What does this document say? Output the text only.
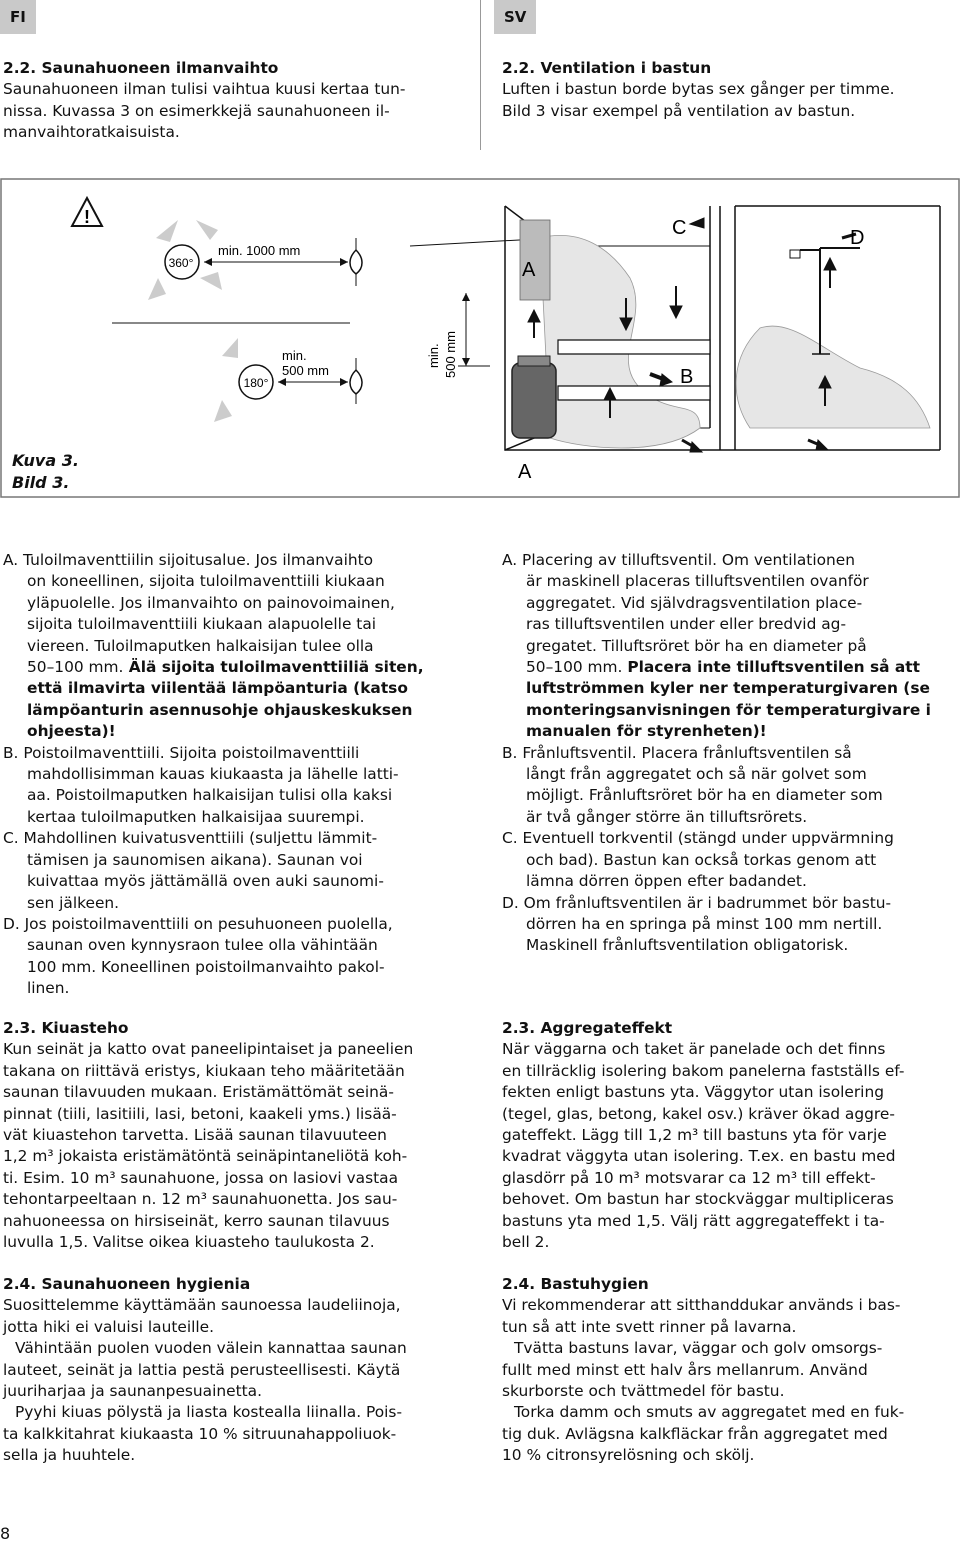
FI	SV

2.2. Saunahuoneen ilmanvaihto

Saunahuoneen ilman tulisi vaihtua kuusi kertaa tun-

nissa. Kuvassa 3 on esimerkkejä saunahuoneen il-

manvaihtoratkaisuista.

2.2. Ventilation i bastun

Luften i bastun borde bytas sex gånger per timme.

Bild 3 visar exempel på ventilation av bastun.

!
360°
min. 1000 mm
180°
min.
500 mm
min. 500 mm
A
A
B
C	D
Kuva 3.
Bild 3.

A. Tuloilmaventtiilin sijoitusalue. Jos ilmanvaihto

on koneellinen, sijoita tuloilmaventtiili kiukaan

yläpuolelle. Jos ilmanvaihto on painovoimainen,

sijoita tuloilmaventtiili kiukaan alapuolelle tai

viereen. Tuloilmaputken halkaisijan tulee olla

50–100 mm. Älä sijoita tuloilmaventtiiliä siten,

että ilmavirta viilentää lämpöanturia (katso

lämpöanturin asennusohje ohjauskeskuksen

ohjeesta)!

B. Poistoilmaventtiili. Sijoita poistoilmaventtiili

mahdollisimman kauas kiukaasta ja lähelle latti-

aa. Poistoilmaputken halkaisijan tulisi olla kaksi

kertaa tuloilmaputken halkaisijaa suurempi.

C. Mahdollinen kuivatusventtiili (suljettu lämmit-

tämisen ja saunomisen aikana). Saunan voi

kuivattaa myös jättämällä oven auki saunomi-

sen jälkeen.

D. Jos poistoilmaventtiili on pesuhuoneen puolella,

saunan oven kynnysraon tulee olla vähintään

100 mm. Koneellinen poistoilmanvaihto pakol-

linen.

A. Placering av tilluftsventil. Om ventilationen

är maskinell placeras tilluftsventilen ovanför

aggregatet. Vid självdragsventilation place-

ras tilluftsventilen under eller bredvid ag-

gregatet. Tilluftsröret bör ha en diameter på

50–100 mm. Placera inte tilluftsventilen så att

luftströmmen kyler ner temperaturgivaren (se

monteringsanvisningen för temperaturgivare i

manualen för styrenheten)!

B. Frånluftsventil. Placera frånluftsventilen så

långt från aggregatet och så när golvet som

möjligt. Frånluftsröret bör ha en diameter som

är två gånger större än tilluftsrörets.

C. Eventuell torkventil (stängd under uppvärmning

och bad). Bastun kan också torkas genom att

lämna dörren öppen efter badandet.

D. Om frånluftsventilen är i badrummet bör bastu-

dörren ha en springa på minst 100 mm nertill.

Maskinell frånluftsventilation obligatorisk.

2.3. Kiuasteho

Kun seinät ja katto ovat paneelipintaiset ja paneelien

takana on riittävä eristys, kiukaan teho määritetään

saunan tilavuuden mukaan. Eristämättömät seinä-

pinnat (tiili, lasitiili, lasi, betoni, kaakeli yms.) lisää-

vät kiuastehon tarvetta. Lisää saunan tilavuuteen

1,2 m³ jokaista eristämätöntä seinäpintaneliötä koh-

ti. Esim. 10 m³ saunahuone, jossa on lasiovi vastaa

tehontarpeeltaan n. 12 m³ saunahuonetta. Jos sau-

nahuoneessa on hirsiseinät, kerro saunan tilavuus

luvulla 1,5. Valitse oikea kiuasteho taulukosta 2.

2.3. Aggregateffekt

När väggarna och taket är panelade och det finns

en tillräcklig isolering bakom panelerna fastställs ef-

fekten enligt bastuns yta. Väggytor utan isolering

(tegel, glas, betong, kakel osv.) kräver ökad aggre-

gateffekt. Lägg till 1,2 m³ till bastuns yta för varje

kvadrat väggyta utan isolering. T.ex. en bastu med

glasdörr på 10 m³ motsvarar ca 12 m³ till effekt-

behovet. Om bastun har stockväggar multipliceras

bastuns yta med 1,5. Välj rätt aggregateffekt i ta-

bell 2.

2.4. Saunahuoneen hygienia

Suosittelemme käyttämään saunoessa laudeliinoja,

jotta hiki ei valuisi lauteille.

Vähintään puolen vuoden välein kannattaa saunan

lauteet, seinät ja lattia pestä perusteellisesti. Käytä

juuriharjaa ja saunanpesuainetta.

Pyyhi kiuas pölystä ja liasta kostealla liinalla. Pois-

ta kalkkitahrat kiukaasta 10 % sitruunahappoliuok-

sella ja huuhtele.

2.4. Bastuhygien

Vi rekommenderar att sitthanddukar används i bas-

tun så att inte svett rinner på lavarna.

Tvätta bastuns lavar, väggar och golv omsorgs-

fullt med minst ett halv års mellanrum. Använd

skurborste och tvättmedel för bastu.

Torka damm och smuts av aggregatet med en fuk-

tig duk. Avlägsna kalkfläckar från aggregatet med

10 % citronsyrelösning och skölj.

8
